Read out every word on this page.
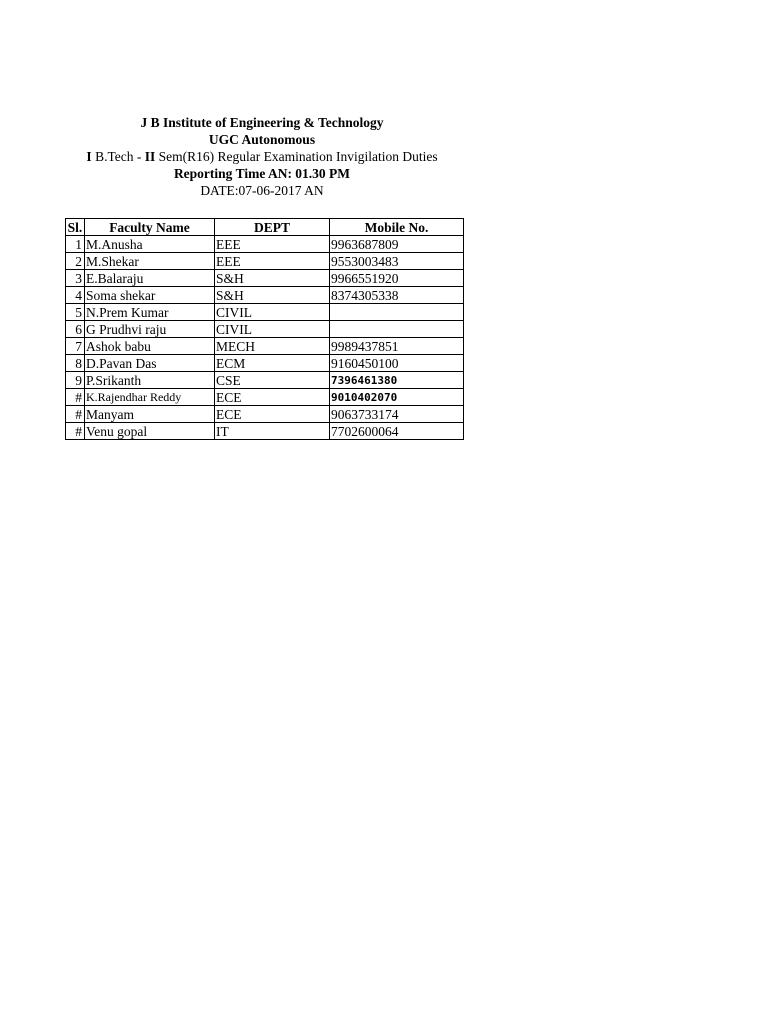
J B Institute of Engineering & Technology
UGC Autonomous
I B.Tech - II Sem(R16) Regular Examination Invigilation Duties
Reporting Time AN: 01.30 PM
DATE:07-06-2017 AN
Sl.	Faculty Name	DEPT	Mobile No.
1	M.Anusha	EEE	9963687809
2	M.Shekar	EEE	9553003483
3	E.Balaraju	S&H	9966551920
4	Soma shekar	S&H	8374305338
5	N.Prem Kumar	CIVIL	
6	G Prudhvi raju	CIVIL	
7	Ashok babu	MECH	9989437851
8	D.Pavan Das	ECM	9160450100
9	P.Srikanth	CSE	7396461380
#	K.Rajendhar Reddy	ECE	9010402070
#	Manyam	ECE	9063733174
#	Venu gopal	IT	7702600064
